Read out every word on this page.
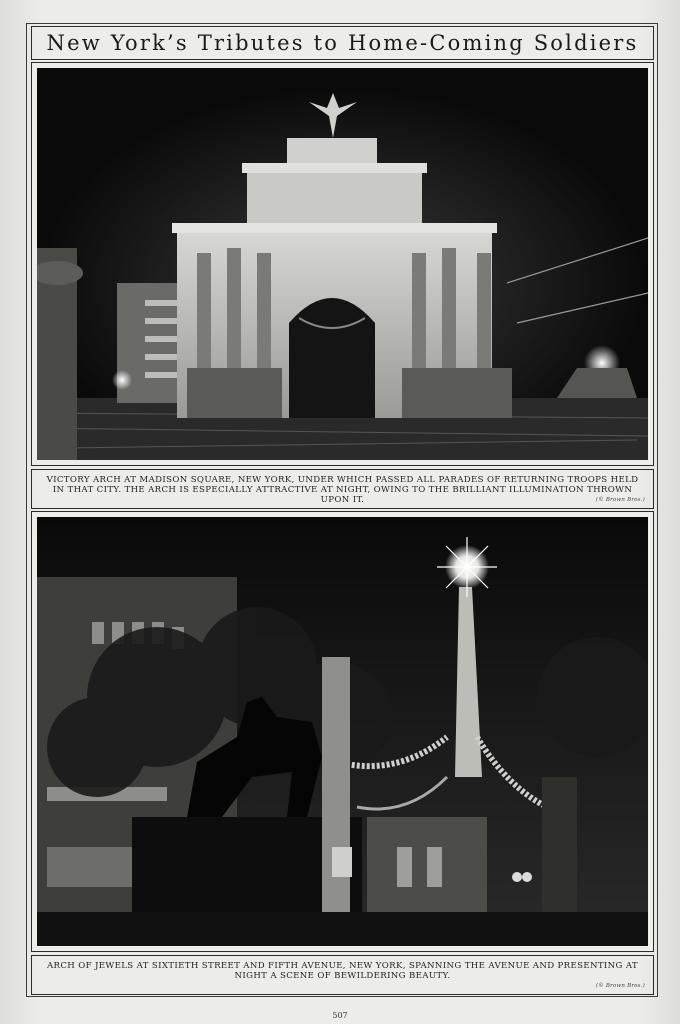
New York’s Tributes to Home-Coming Soldiers
VICTORY ARCH AT MADISON SQUARE, NEW YORK, UNDER WHICH PASSED ALL PARADES OF RETURNING TROOPS HELD IN THAT CITY. THE ARCH IS ESPECIALLY ATTRACTIVE AT NIGHT, OWING TO THE BRILLIANT ILLUMINATION THROWN UPON IT.	(© Brown Bros.)
ARCH OF JEWELS AT SIXTIETH STREET AND FIFTH AVENUE, NEW YORK, SPANNING THE AVENUE AND PRESENTING AT NIGHT A SCENE OF BEWILDERING BEAUTY.
(© Brown Bros.)
507
